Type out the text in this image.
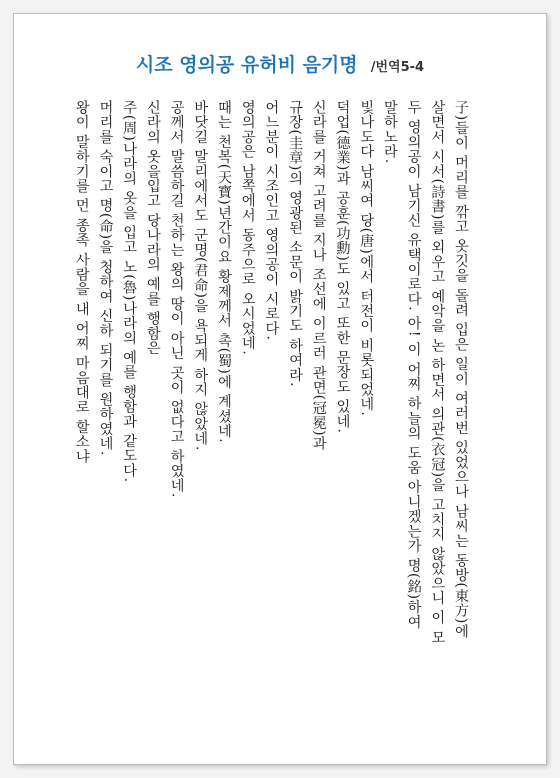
시조 영의공 유허비 음기명 /번역5-4
子)들이 머리를 깎고 옷깃을 돌려 입은 일이 여러번 있었으나 남씨는 동방(東方)에
살면서 시서(詩書)를 외우고 예악을 논 하면서 의관(衣冠)을 고치지 않았으니 이 모
두 영의공이 남기신 유택이로다. 아! 이 어찌 하늘의 도움 아니겠는가 명(銘)하여
말하노라.
빛나도다 남씨여 당(唐)에서 터전이 비롯되었네.
덕업(德業)과 공훈(功勳)도 있고 또한 문장도 있네.
신라를 거쳐 고려를 지나 조선에 이르러 관면(冠冕)과
규장(圭章)의 영광된 소문이 밝기도 하여라.
어느분이 시조인고 영의공이 시로다.
영의공은 남쪽에서 동주으로 오시었네.
때는 천복(天寶)년간이요 황제께서 촉(蜀)에 계셨네.
바닷길 말리에서도 군명(君命)을 욕되게 하지 않았네.
공께서 말씀하길 천하는 왕의 땅이 아닌 곳이 없다고 하였네.
신라의 옷을입고 당나라의 예를 행함은
주(周)나라의 옷을 입고 노(魯)나라의 예를 행함과 같도다.
머리를 숙이고 명(命)을 청하여 신하 되기를 원하였네.
왕이 말하기를 먼 종족 사람을 내 어찌 마음대로 할소냐
